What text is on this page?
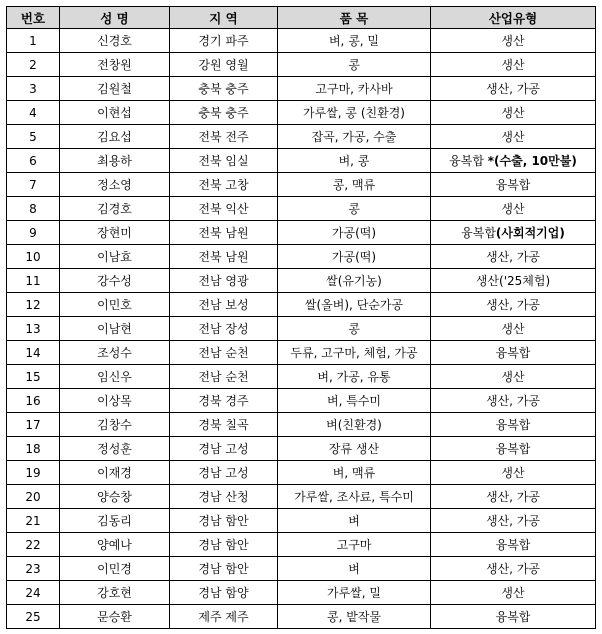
번호	성 명	지 역	품 목	산업유형
1	신경호	경기 파주	벼, 콩, 밀	생산
2	전창원	강원 영월	콩	생산
3	김원철	충북 충주	고구마, 카사바	생산, 가공
4	이현섭	충북 충주	가루쌀, 콩 (친환경)	생산
5	김요섭	전북 전주	잡곡, 가공, 수출	생산
6	최용하	전북 임실	벼, 콩	융복합 *(수출, 10만불)
7	정소영	전북 고창	콩, 맥류	융복합
8	김경호	전북 익산	콩	생산
9	장현미	전북 남원	가공(떡)	융복합(사회적기업)
10	이남효	전북 남원	가공(떡)	생산, 가공
11	강수성	전남 영광	쌀(유기농)	생산('25체험)
12	이민호	전남 보성	쌀(올벼), 단순가공	생산, 가공
13	이남현	전남 장성	콩	생산
14	조성수	전남 순천	두류, 고구마, 체험, 가공	융복합
15	임신우	전남 순천	벼, 가공, 유통	생산
16	이상목	경북 경주	벼, 특수미	생산, 가공
17	김창수	경북 칠곡	벼(친환경)	융복합
18	정성훈	경남 고성	장류 생산	융복합
19	이재경	경남 고성	벼, 맥류	생산
20	양승창	경남 산청	가루쌀, 조사료, 특수미	생산, 가공
21	김동리	경남 함안	벼	생산, 가공
22	양예나	경남 함안	고구마	융복합
23	이민경	경남 함안	벼	생산, 가공
24	강호현	경남 함양	가루쌀, 밀	생산
25	문승환	제주 제주	콩, 밭작물	융복합
